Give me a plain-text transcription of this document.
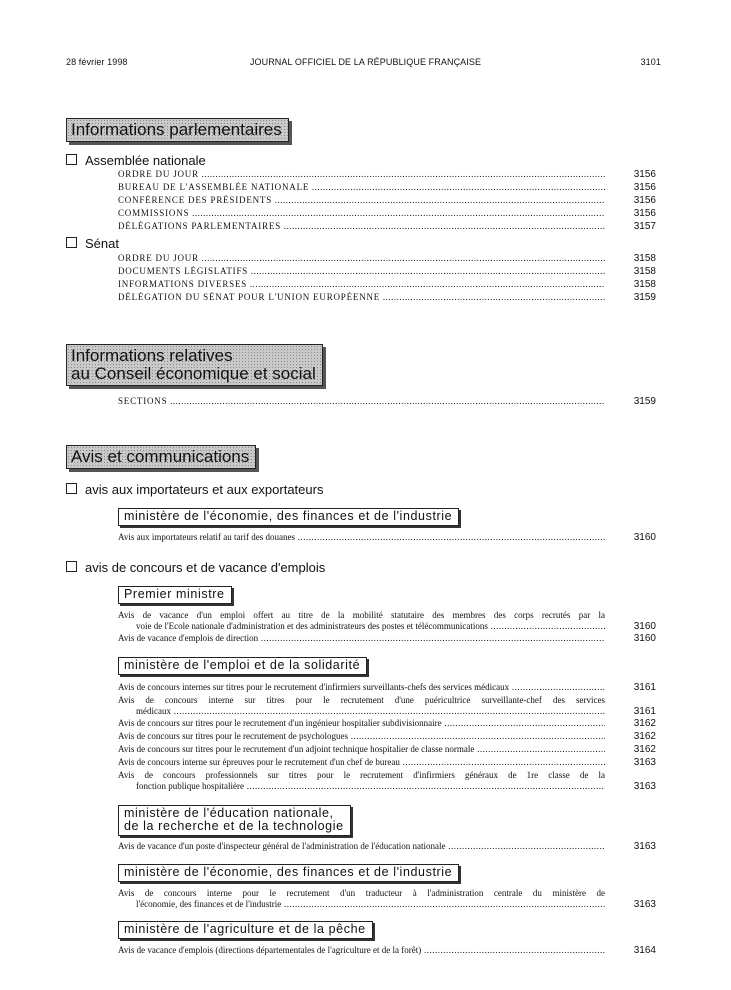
28 février 1998	JOURNAL OFFICIEL DE LA RÉPUBLIQUE FRANÇAISE	3101
Informations parlementaires
Assemblée nationale
ORDRE DU JOUR .....	3156
BUREAU DE L'ASSEMBLÉE NATIONALE .....	3156
CONFÉRENCE DES PRÉSIDENTS .....	3156
COMMISSIONS .....	3156
DÉLÉGATIONS PARLEMENTAIRES .....	3157
Sénat
ORDRE DU JOUR .....	3158
DOCUMENTS LÉGISLATIFS .....	3158
INFORMATIONS DIVERSES .....	3158
DÉLÉGATION DU SÉNAT POUR L'UNION EUROPÉENNE .....	3159
Informations relatives
au Conseil économique et social
SECTIONS .....	3159
Avis et communications
avis aux importateurs et aux exportateurs
ministère de l'économie, des finances et de l'industrie
Avis aux importateurs relatif au tarif des douanes .....	3160
avis de concours et de vacance d'emplois
Premier ministre
Avis de vacance d'un emploi offert au titre de la mobilité statutaire des membres des corps recrutés par la
voie de l'Ecole nationale d'administration et des administrateurs des postes et télécommunications .....	3160
Avis de vacance d'emplois de direction .....	3160
ministère de l'emploi et de la solidarité
Avis de concours internes sur titres pour le recrutement d'infirmiers surveillants-chefs des services médicaux .....	3161
Avis de concours interne sur titres pour le recrutement d'une puéricultrice surveillante-chef des services
médicaux .....	3161
Avis de concours sur titres pour le recrutement d'un ingénieur hospitalier subdivisionnaire .....	3162
Avis de concours sur titres pour le recrutement de psychologues .....	3162
Avis de concours sur titres pour le recrutement d'un adjoint technique hospitalier de classe normale .....	3162
Avis de concours interne sur épreuves pour le recrutement d'un chef de bureau .....	3163
Avis de concours professionnels sur titres pour le recrutement d'infirmiers généraux de 1re classe de la
fonction publique hospitalière .....	3163
ministère de l'éducation nationale,
de la recherche et de la technologie
Avis de vacance d'un poste d'inspecteur général de l'administration de l'éducation nationale .....	3163
ministère de l'économie, des finances et de l'industrie
Avis de concours interne pour le recrutement d'un traducteur à l'administration centrale du ministère de
l'économie, des finances et de l'industrie .....	3163
ministère de l'agriculture et de la pêche
Avis de vacance d'emplois (directions départementales de l'agriculture et de la forêt) .....	3164
